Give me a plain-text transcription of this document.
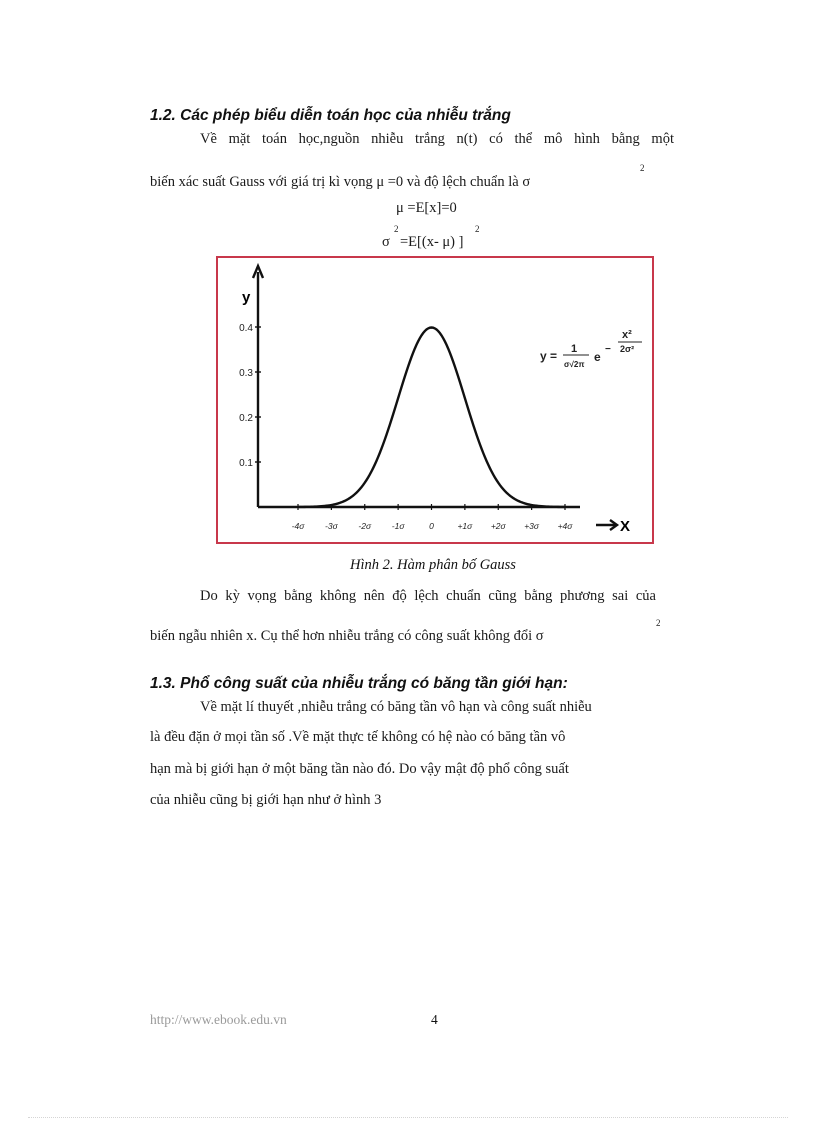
1.2. Các phép biểu diễn toán học của nhiễu trắng
Về mặt toán học,nguồn nhiễu trắng n(t) có thể mô hình bằng một
biến xác suất Gauss với giá trị kì vọng μ =0 và độ lệch chuẩn là σ
2
μ =E[x]=0
σ
2
=E[(x- μ) ]
2
0.1
0.2
0.3
0.4
-4σ -3σ -2σ -1σ	0	+1σ +2σ +3σ +4σ
y
X
y = 1
σ√2π
e
−
x²
2σ²
Hình 2. Hàm phân bố Gauss
Do kỳ vọng bằng không nên độ lệch chuẩn cũng bằng phương sai của
biến ngẫu nhiên x. Cụ thể hơn nhiễu trắng có công suất không đổi σ
2
1.3. Phổ công suất của nhiễu trắng có băng tần giới hạn:
Về mặt lí thuyết ,nhiễu trắng có băng tần vô hạn và công suất nhiễu
là đều đặn ở mọi tần số .Về mặt thực tế không có hệ nào có băng tần vô
hạn mà bị giới hạn ở một băng tần nào đó. Do vậy mật độ phổ công suất
của nhiễu cũng bị giới hạn như ở hình 3
http://www.ebook.edu.vn	4
